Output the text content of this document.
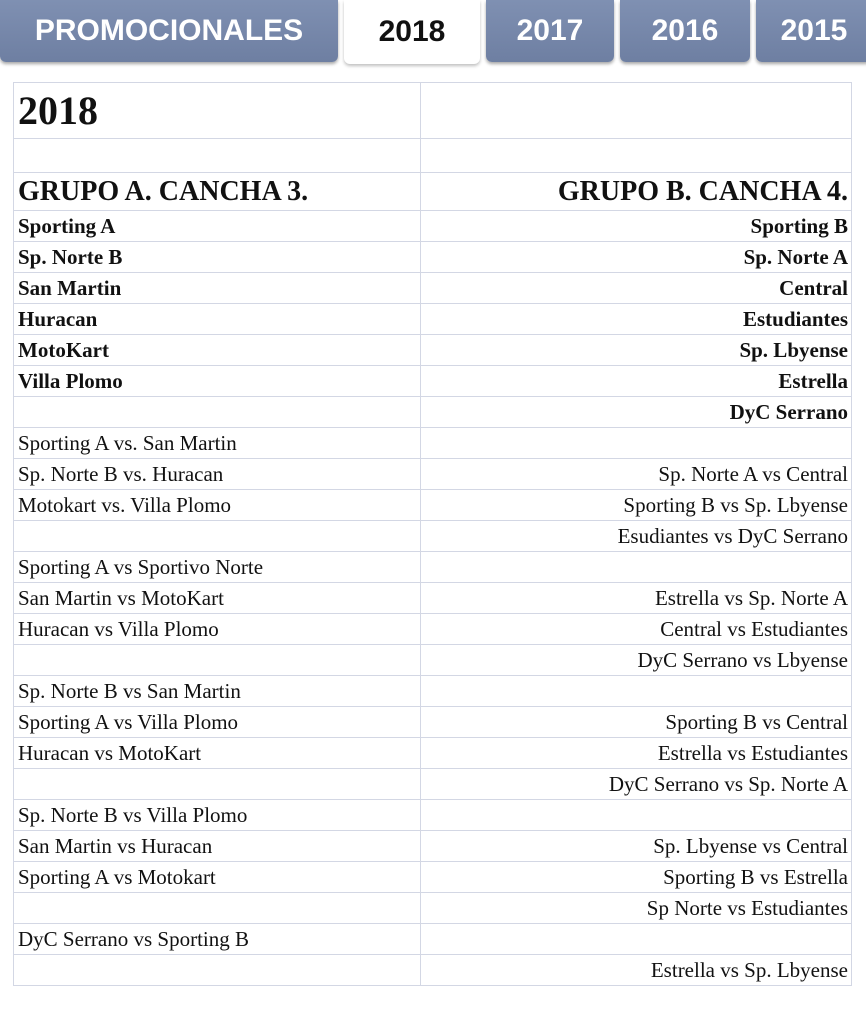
PROMOCIONALES	2018	2017	2016	2015
2018	

GRUPO A. CANCHA 3.	GRUPO B. CANCHA 4.
Sporting A	Sporting B
Sp. Norte B	Sp. Norte A
San Martin	Central
Huracan	Estudiantes
MotoKart	Sp. Lbyense
Villa Plomo	Estrella
	DyC Serrano
Sporting A vs. San Martin	
Sp. Norte B vs. Huracan	Sp. Norte A vs Central
Motokart vs. Villa Plomo	Sporting B vs Sp. Lbyense
	Esudiantes vs DyC Serrano
Sporting A vs Sportivo Norte	
San Martin vs MotoKart	Estrella vs Sp. Norte A
Huracan vs Villa Plomo	Central vs Estudiantes
	DyC Serrano vs Lbyense
Sp. Norte B vs San Martin	
Sporting A vs Villa Plomo	Sporting B vs Central
Huracan vs MotoKart	Estrella vs Estudiantes
	DyC Serrano vs Sp. Norte A
Sp. Norte B vs Villa Plomo	
San Martin vs Huracan	Sp. Lbyense vs Central
Sporting A vs Motokart	Sporting B vs Estrella
	Sp Norte vs Estudiantes
DyC Serrano vs Sporting B	
	Estrella vs Sp. Lbyense
